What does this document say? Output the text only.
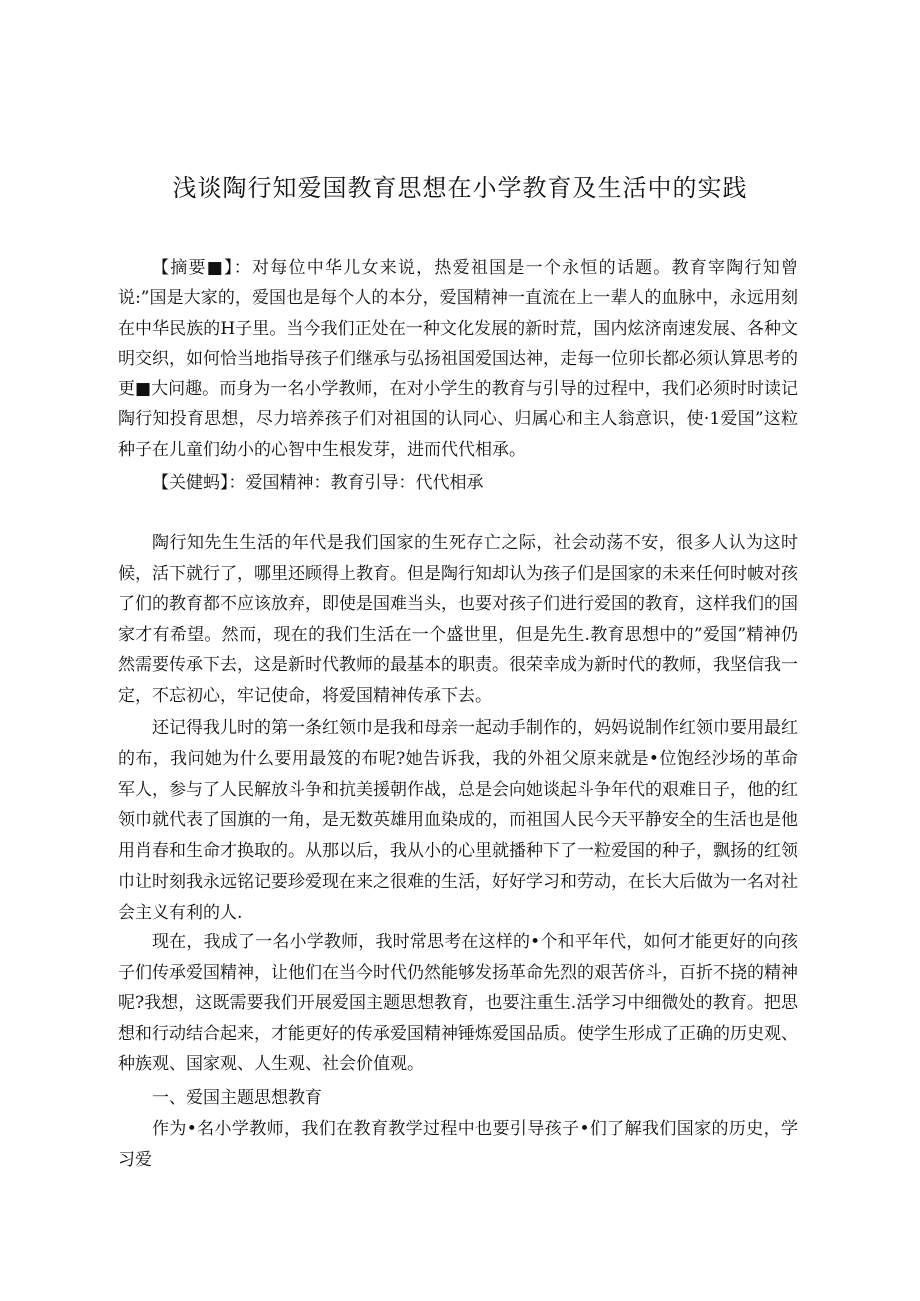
浅谈陶行知爱国教育思想在小学教育及生活中的实践

【摘要■】：对每位中华儿女来说，热爱祖国是一个永恒的话题。教育宰陶行知曾说:”国是大家的，爱国也是每个人的本分，爱国精神一直流在上一辈人的血脉中，永远用刻在中华民族的H子里。当今我们正处在一种文化发展的新时荒，国内炫济南速发展、各种文明交织，如何恰当地指导孩子们继承与弘扬祖国爱国达神，走每一位卯长都必须认算思考的更■大问趣。而身为一名小学教师，在对小学生的教育与引导的过程中，我们必须时时读记陶行知投育思想，尽力培养孩子们对祖国的认同心、归属心和主人翁意识，使·1爱国”这粒种子在儿童们幼小的心智中生根发芽，进而代代相承。

【关健蚂】：爱国精神：教育引导：代代相承

陶行知先生生活的年代是我们国家的生死存亡之际，社会动荡不安，很多人认为这时候，活下就行了，哪里还顾得上教育。但是陶行知却认为孩子们是国家的未来任何时帔对孩了们的教育都不应该放弃，即使是国难当头，也要对孩子们进行爱国的教育，这样我们的国家才有希望。然而，现在的我们生活在一个盛世里，但是先生.教育思想中的”爱国”精神仍然需要传承下去，这是新时代教师的最基本的职责。很荣幸成为新时代的教师，我坚信我一定，不忘初心，牢记使命，将爱国精神传承下去。

还记得我儿时的第一条红领巾是我和母亲一起动手制作的，妈妈说制作红领巾要用最红的布，我问她为什么要用最笈的布呢?她告诉我，我的外祖父原来就是•位饱经沙场的革命军人，参与了人民解放斗争和抗美援朝作战，总是会向她谈起斗争年代的艰难日子，他的红领巾就代表了国旗的一角，是无数英雄用血染成的，而祖国人民今天平静安全的生活也是他用肖春和生命才换取的。从那以后，我从小的心里就播种下了一粒爱国的种子，飘扬的红领巾让时刻我永远铭记要珍爱现在来之很难的生活，好好学习和劳动，在长大后做为一名对社会主义有利的人.

现在，我成了一名小学教师，我时常思考在这样的•个和平年代，如何才能更好的向孩子们传承爱国精神，让他们在当今时代仍然能够发扬革命先烈的艰苦侪斗，百折不挠的精神呢?我想，这既需要我们开展爱国主题思想教育，也要注重生.活学习中细微处的教育。把思想和行动结合起来，才能更好的传承爱国精神锤炼爱国品质。使学生形成了正确的历史观、种族观、国家观、人生观、社会价值观。

一、爱国主题思想教育

作为•名小学教师，我们在教育教学过程中也要引导孩子•们了解我们国家的历史，学习爱
